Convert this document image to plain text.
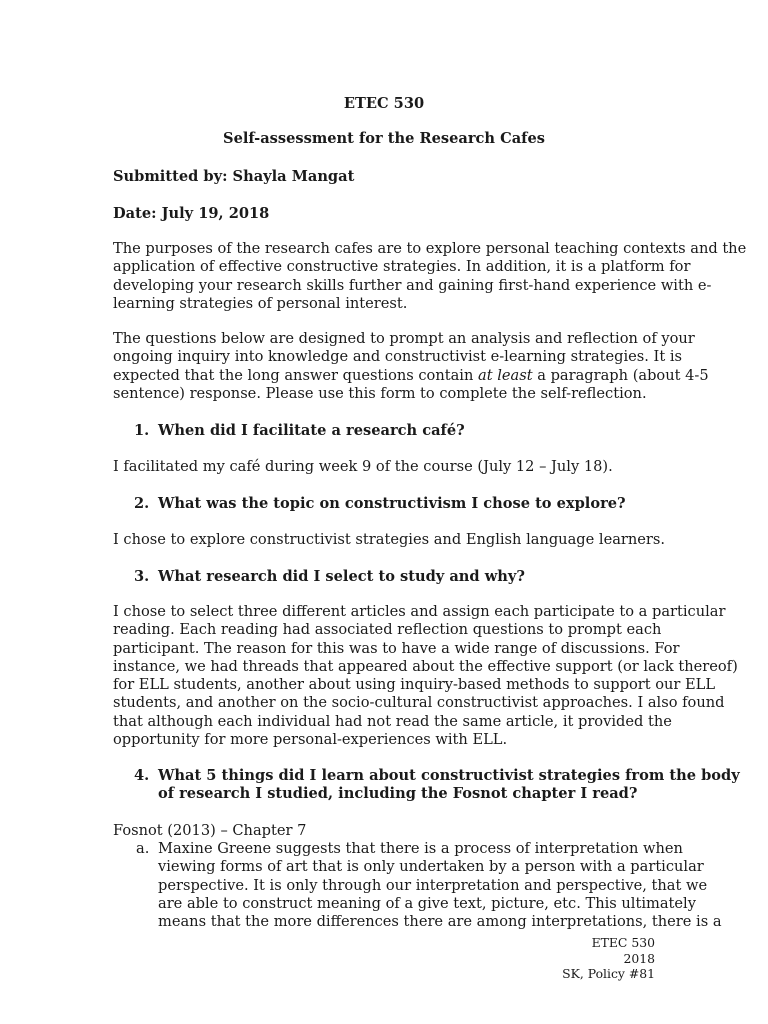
ETEC 530

Self-assessment for the Research Cafes

Submitted by: Shayla Mangat

Date: July 19, 2018

The purposes of the research cafes are to explore personal teaching contexts and the
application of effective constructive strategies. In addition, it is a platform for
developing your research skills further and gaining first-hand experience with e-
learning strategies of personal interest.
The questions below are designed to prompt an analysis and reflection of your
ongoing inquiry into knowledge and constructivist e-learning strategies. It is
expected that the long answer questions contain at least a paragraph (about 4-5
sentence) response. Please use this form to complete the self-reflection.
1. When did I facilitate a research café?

I facilitated my café during week 9 of the course (July 12 – July 18).

2. What was the topic on constructivism I chose to explore?

I chose to explore constructivist strategies and English language learners.

3. What research did I select to study and why?
I chose to select three different articles and assign each participate to a particular
reading. Each reading had associated reflection questions to prompt each
participant. The reason for this was to have a wide range of discussions. For
instance, we had threads that appeared about the effective support (or lack thereof)
for ELL students, another about using inquiry-based methods to support our ELL
students, and another on the socio-cultural constructivist approaches. I also found
that although each individual had not read the same article, it provided the
opportunity for more personal-experiences with ELL.
4. What 5 things did I learn about constructivist strategies from the body
of research I studied, including the Fosnot chapter I read?

Fosnot (2013) – Chapter 7

a. Maxine Greene suggests that there is a process of interpretation when
viewing forms of art that is only undertaken by a person with a particular
perspective. It is only through our interpretation and perspective, that we
are able to construct meaning of a give text, picture, etc. This ultimately
means that the more differences there are among interpretations, there is a
ETEC 530
2018
SK, Policy #81
